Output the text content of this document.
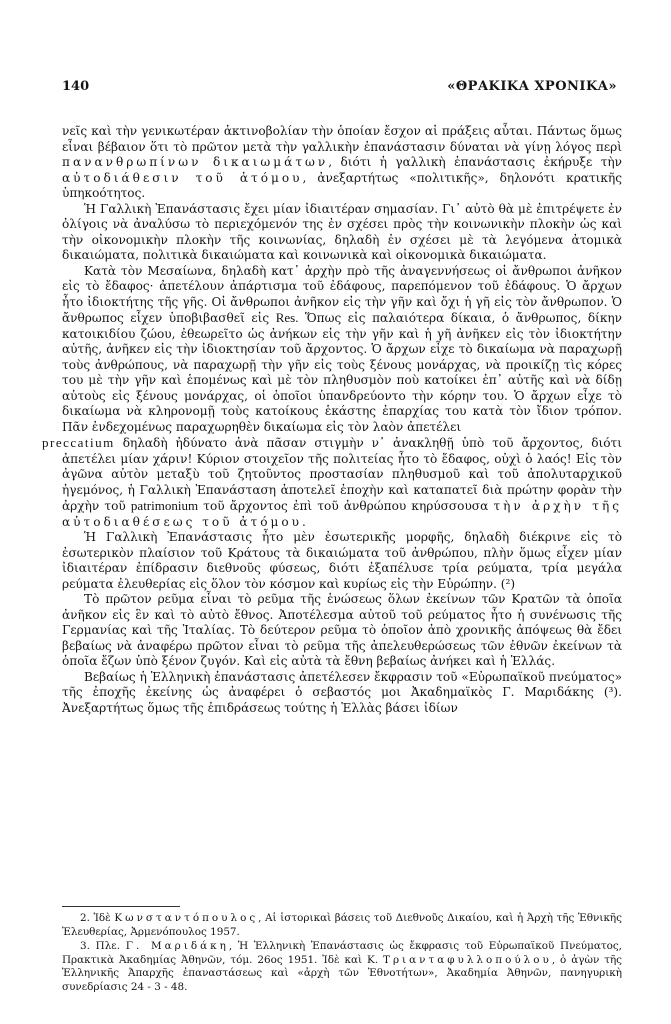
140	«ΘΡΑΚΙΚΑ ΧΡΟΝΙΚΑ»

νεῖς καὶ τὴν γενικωτέραν ἀκτινοβολίαν τὴν ὁποίαν ἔσχον αἱ πράξεις αὗται. Πάντως ὅμως εἶναι βέβαιον ὅτι τὸ πρῶτον μετὰ τὴν γαλλικὴν ἐπανάστασιν δύναται νὰ γίνῃ λόγος περὶ πανανθρωπίνων δικαιωμάτων, διότι ἡ γαλλικὴ ἐπανάστασις ἐκήρυξε τὴν αὐτοδιάθεσιν τοῦ ἀτόμου, ἀνεξαρτήτως «πολιτικῆς», δηλονότι κρατικῆς ὑπηκοότητος.

Ἡ Γαλλικὴ Ἐπανάστασις ἔχει μίαν ἰδιαιτέραν σημασίαν. Γι᾿ αὐτὸ θὰ μὲ ἐπιτρέψετε ἐν ὀλίγοις νὰ ἀναλύσω τὸ περιεχόμενόν της ἐν σχέσει πρὸς τὴν κοινωνικὴν πλοκὴν ὡς καὶ τὴν οἰκονομικὴν πλοκὴν τῆς κοινωνίας, δηλαδὴ ἐν σχέσει μὲ τὰ λεγόμενα ἀτομικὰ δικαιώματα, πολιτικὰ δικαιώματα καὶ κοινωνικὰ καὶ οἰκονομικὰ δικαιώματα.

Κατὰ τὸν Μεσαίωνα, δηλαδὴ κατ᾿ ἀρχὴν πρὸ τῆς ἀναγεννήσεως οἱ ἄνθρωποι ἀνῆκον εἰς τὸ ἔδαφος· ἀπετέλουν ἀπάρτισμα τοῦ ἐδάφους, παρεπόμενον τοῦ ἐδάφους. Ὁ ἄρχων ἦτο ἰδιοκτήτης τῆς γῆς. Οἱ ἄνθρωποι ἀνῆκον εἰς τὴν γῆν καὶ ὄχι ἡ γῆ εἰς τὸν ἄνθρωπον. Ὁ ἄνθρωπος εἶχεν ὑποβιβασθεῖ εἰς Res. Ὅπως εἰς παλαιότερα δίκαια, ὁ ἄνθρωπος, δίκην κατοικιδίου ζώου, ἐθεωρεῖτο ὡς ἀνήκων εἰς τὴν γῆν καὶ ἡ γῆ ἀνῆκεν εἰς τὸν ἰδιοκτήτην αὐτῆς, ἀνῆκεν εἰς τὴν ἰδιοκτησίαν τοῦ ἄρχοντος. Ὁ ἄρχων εἶχε τὸ δικαίωμα νὰ παραχωρῇ τοὺς ἀνθρώπους, νὰ παραχωρῇ τὴν γῆν εἰς τοὺς ξένους μονάρχας, νὰ προικίζῃ τὶς κόρες του μὲ τὴν γῆν καὶ ἑπομένως καὶ μὲ τὸν πληθυσμὸν ποὺ κατοίκει ἐπ᾿ αὐτῆς καὶ νὰ δίδῃ αὐτοὺς εἰς ξένους μονάρχας, οἱ ὁποῖοι ὑπανδρεύοντο τὴν κόρην του. Ὁ ἄρχων εἶχε τὸ δικαίωμα νὰ κληρονομῇ τοὺς κατοίκους ἑκάστης ἐπαρχίας του κατὰ τὸν ἴδιον τρόπον. Πᾶν ἐνδεχομένως παραχωρηθὲν δικαίωμα εἰς τὸν λαὸν ἀπετέλει
preccatium δηλαδὴ ἠδύνατο ἀνὰ πᾶσαν στιγμὴν ν᾿ ἀνακληθῇ ὑπὸ τοῦ ἄρχοντος, διότι ἀπετέλει μίαν χάριν! Κύριον στοιχεῖον τῆς πολιτείας ἦτο τὸ ἔδαφος, οὐχὶ ὁ λαός! Εἰς τὸν ἀγῶνα αὐτὸν μεταξὺ τοῦ ζητοῦντος προστασίαν πληθυσμοῦ καὶ τοῦ ἀπολυταρχικοῦ ἡγεμόνος, ἡ Γαλλικὴ Ἐπανάσταση ἀποτελεῖ ἐποχὴν καὶ καταπατεῖ διὰ πρώτην φορὰν τὴν ἀρχὴν τοῦ patrimonium τοῦ ἄρχοντος ἐπὶ τοῦ ἀνθρώπου κηρύσσουσα τὴν ἀρχὴν τῆς αὐτοδιαθέσεως τοῦ ἀτόμου.

Ἡ Γαλλικὴ Ἐπανάστασις ἦτο μὲν ἐσωτερικῆς μορφῆς, δηλαδὴ διέκρινε εἰς τὸ ἐσωτερικὸν πλαίσιον τοῦ Κράτους τὰ δικαιώματα τοῦ ἀνθρώπου, πλὴν ὅμως εἶχεν μίαν ἰδιαιτέραν ἐπίδρασιν διεθνοῦς φύσεως, διότι ἐξαπέλυσε τρία ρεύματα, τρία μεγάλα ρεύματα ἐλευθερίας εἰς ὅλον τὸν κόσμον καὶ κυρίως εἰς τὴν Εὐρώπην. (²)

Τὸ πρῶτον ρεῦμα εἶναι τὸ ρεῦμα τῆς ἑνώσεως ὅλων ἐκείνων τῶν Κρατῶν τὰ ὁποῖα ἀνῆκον εἰς ἓν καὶ τὸ αὐτὸ ἔθνος. Ἀποτέλεσμα αὐτοῦ τοῦ ρεύματος ἦτο ἡ συνένωσις τῆς Γερμανίας καὶ τῆς Ἰταλίας. Τὸ δεύτερον ρεῦμα τὸ ὁποῖον ἀπὸ χρονικῆς ἀπόψεως θὰ ἔδει βεβαίως νὰ ἀναφέρω πρῶτον εἶναι τὸ ρεῦμα τῆς ἀπελευθερώσεως τῶν ἐθνῶν ἐκείνων τὰ ὁποῖα ἔζων ὑπὸ ξένον ζυγόν. Καὶ εἰς αὐτὰ τὰ ἔθνη βεβαίως ἀνήκει καὶ ἡ Ἑλλάς.

Βεβαίως ἡ Ἑλληνικὴ ἐπανάστασις ἀπετέλεσεν ἔκφρασιν τοῦ «Εὐρωπαϊκοῦ πνεύματος» τῆς ἐποχῆς ἐκείνης ὡς ἀναφέρει ὁ σεβαστός μοι Ἀκαδημαϊκὸς Γ. Μαριδάκης (³). Ἀνεξαρτήτως ὅμως τῆς ἐπιδράσεως τούτης ἡ Ἑλλὰς βάσει ἰδίων

2. Ἰδὲ Κωνσταντόπουλος, Αἱ ἱστορικαὶ βάσεις τοῦ Διεθνοῦς Δικαίου, καὶ ἡ Ἀρχὴ τῆς Ἐθνικῆς Ἐλευθερίας, Ἀρμενόπουλος 1957.

3. Πλε. Γ. Μαριδάκη, Ἡ Ἑλληνικὴ Ἐπανάστασις ὡς ἔκφρασις τοῦ Εὐρωπαϊκοῦ Πνεύματος, Πρακτικὰ Ἀκαδημίας Ἀθηνῶν, τόμ. 26ος 1951. Ἰδὲ καὶ Κ. Τριανταφυλλοπούλου, ὁ ἀγὼν τῆς Ἑλληνικῆς Ἀπαρχῆς ἐπαναστάσεως καὶ «ἀρχὴ τῶν Ἐθνοτήτων», Ἀκαδημία Ἀθηνῶν, πανηγυρικὴ συνεδρίασις 24 - 3 - 48.
